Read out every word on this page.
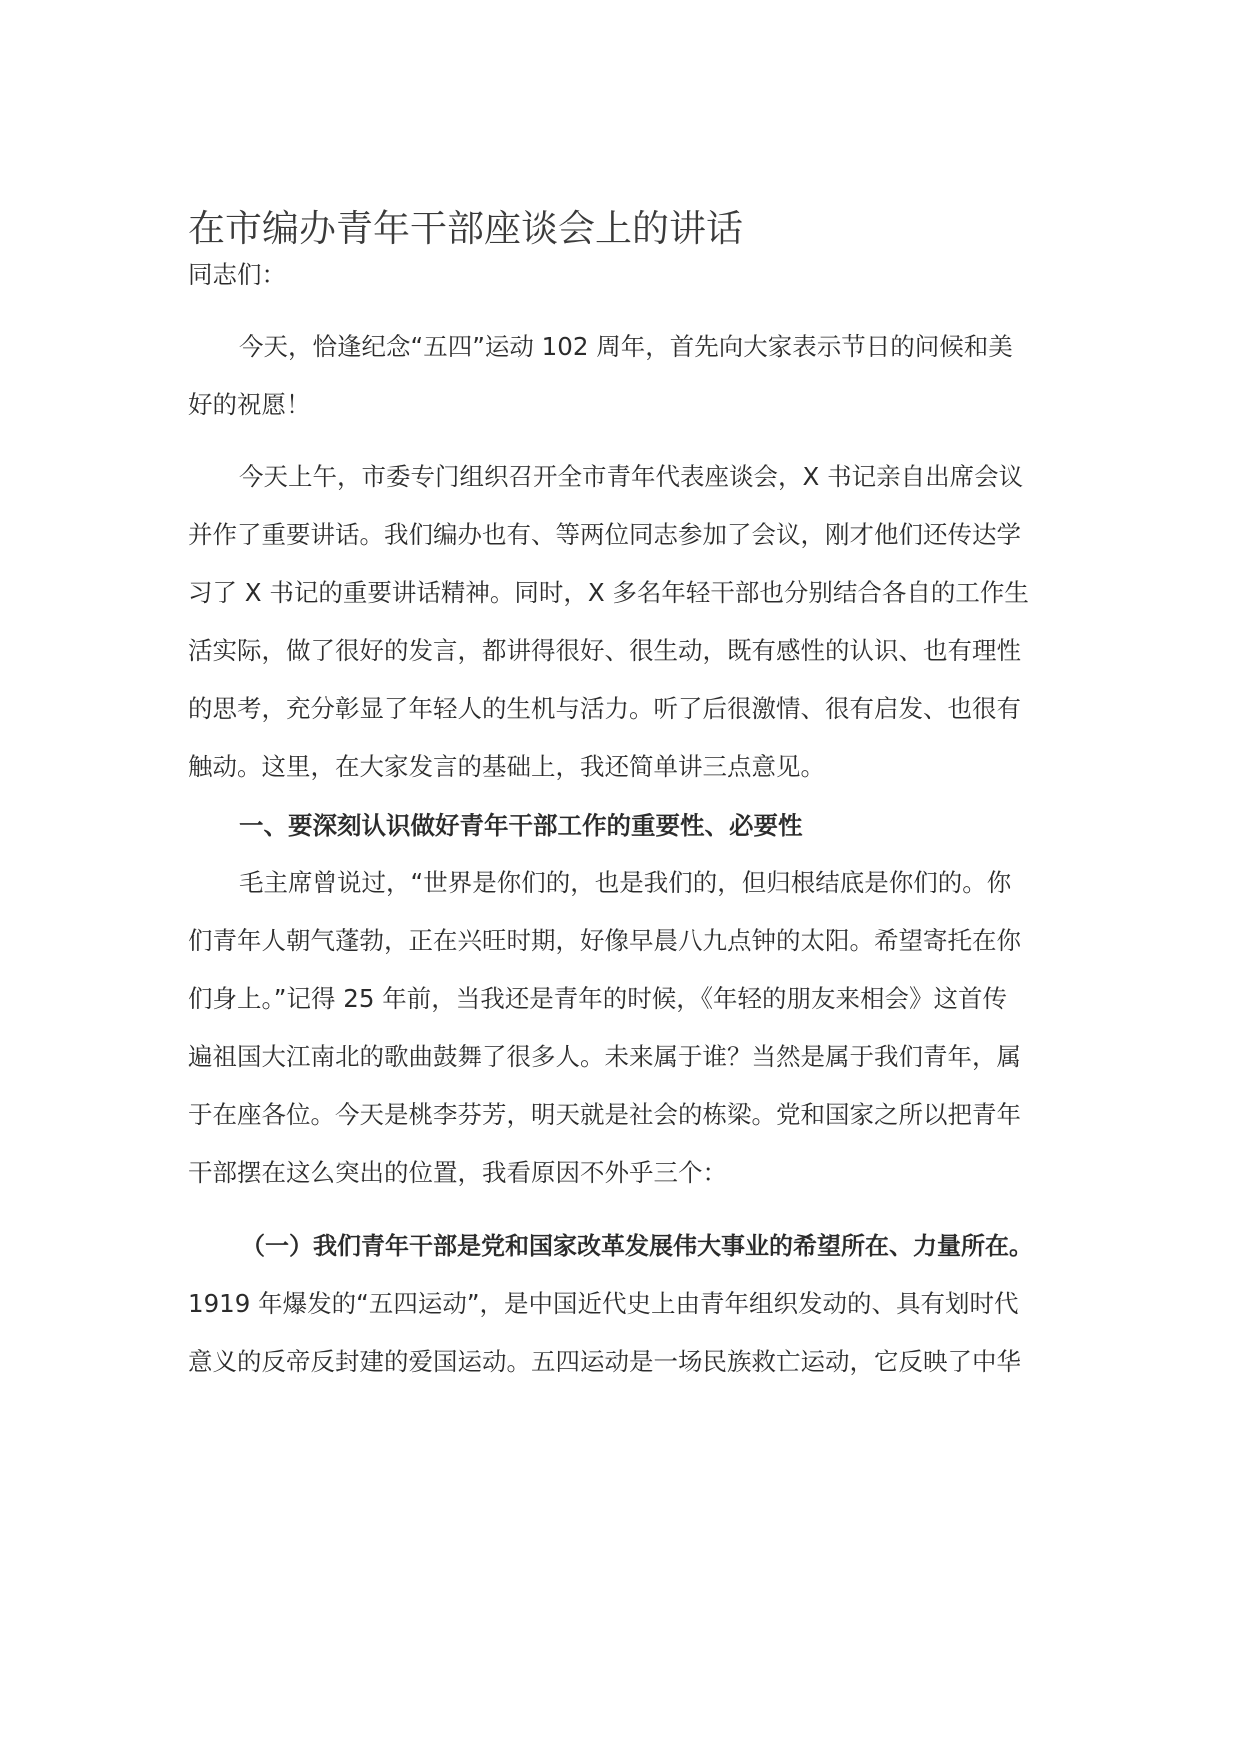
在市编办青年干部座谈会上的讲话
同志们：
今天，恰逢纪念“五四”运动 102 周年，首先向大家表示节日的问候和美
好的祝愿！
今天上午，市委专门组织召开全市青年代表座谈会，X 书记亲自出席会议
并作了重要讲话。我们编办也有、等两位同志参加了会议，刚才他们还传达学
习了 X 书记的重要讲话精神。同时，X 多名年轻干部也分别结合各自的工作生
活实际，做了很好的发言，都讲得很好、很生动，既有感性的认识、也有理性
的思考，充分彰显了年轻人的生机与活力。听了后很激情、很有启发、也很有
触动。这里，在大家发言的基础上，我还简单讲三点意见。
一、要深刻认识做好青年干部工作的重要性、必要性
毛主席曾说过，“世界是你们的，也是我们的，但归根结底是你们的。你
们青年人朝气蓬勃，正在兴旺时期，好像早晨八九点钟的太阳。希望寄托在你
们身上。”记得 25 年前，当我还是青年的时候，《年轻的朋友来相会》这首传
遍祖国大江南北的歌曲鼓舞了很多人。未来属于谁？当然是属于我们青年，属
于在座各位。今天是桃李芬芳，明天就是社会的栋梁。党和国家之所以把青年
干部摆在这么突出的位置，我看原因不外乎三个：
（一）我们青年干部是党和国家改革发展伟大事业的希望所在、力量所在。
1919 年爆发的“五四运动”，是中国近代史上由青年组织发动的、具有划时代
意义的反帝反封建的爱国运动。五四运动是一场民族救亡运动，它反映了中华
